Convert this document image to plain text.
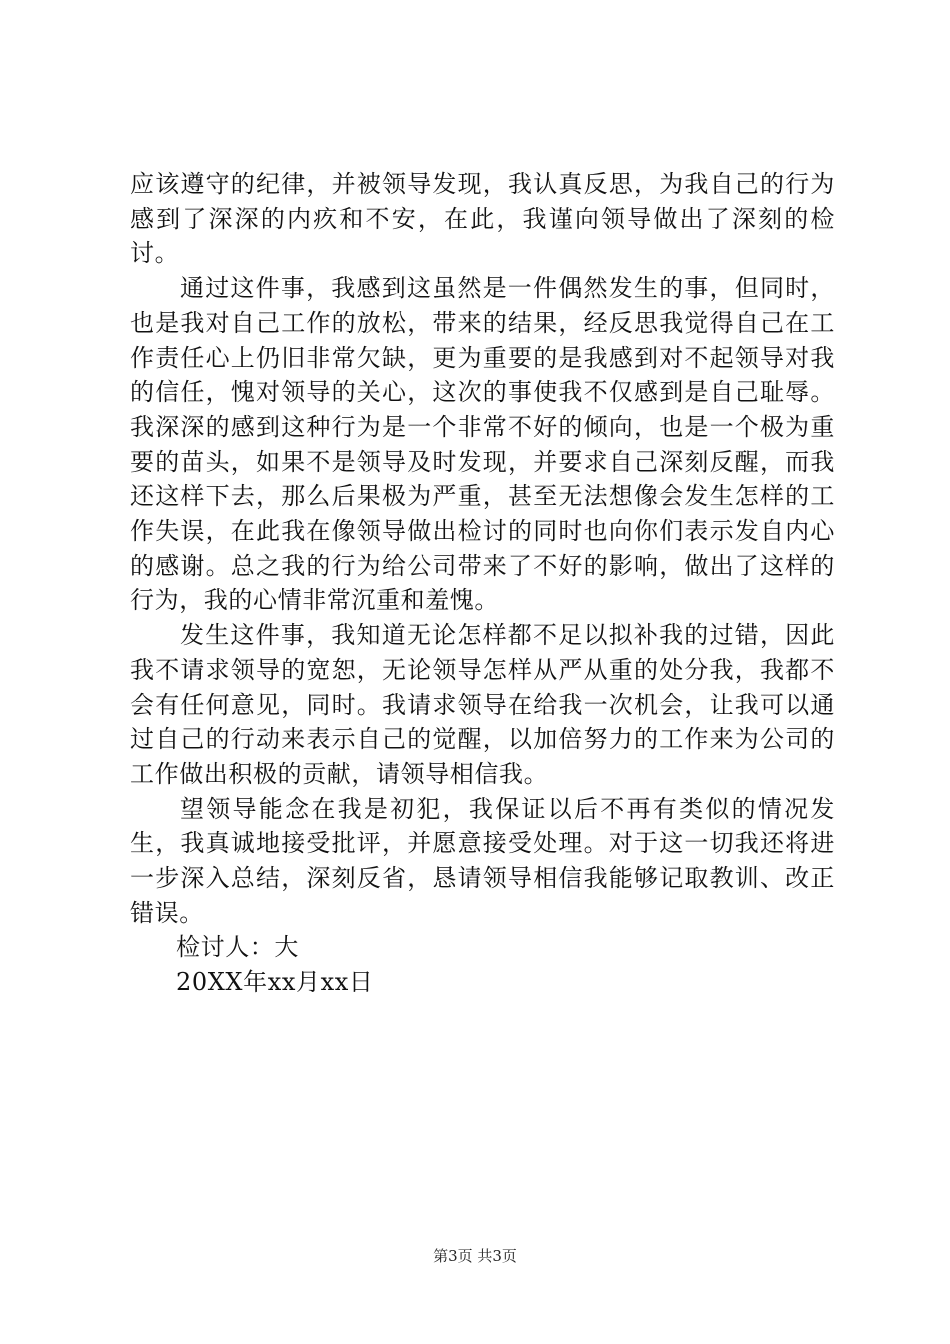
应该遵守的纪律，并被领导发现，我认真反思，为我自己的行为感到了深深的内疚和不安，在此，我谨向领导做出了深刻的检讨。

通过这件事，我感到这虽然是一件偶然发生的事，但同时，也是我对自己工作的放松，带来的结果，经反思我觉得自己在工作责任心上仍旧非常欠缺，更为重要的是我感到对不起领导对我的信任，愧对领导的关心，这次的事使我不仅感到是自己耻辱。我深深的感到这种行为是一个非常不好的倾向，也是一个极为重要的苗头，如果不是领导及时发现，并要求自己深刻反醒，而我还这样下去，那么后果极为严重，甚至无法想像会发生怎样的工作失误，在此我在像领导做出检讨的同时也向你们表示发自内心的感谢。总之我的行为给公司带来了不好的影响，做出了这样的行为，我的心情非常沉重和羞愧。

发生这件事，我知道无论怎样都不足以拟补我的过错，因此我不请求领导的宽恕，无论领导怎样从严从重的处分我，我都不会有任何意见，同时。我请求领导在给我一次机会，让我可以通过自己的行动来表示自己的觉醒，以加倍努力的工作来为公司的工作做出积极的贡献，请领导相信我。

望领导能念在我是初犯，我保证以后不再有类似的情况发生，我真诚地接受批评，并愿意接受处理。对于这一切我还将进一步深入总结，深刻反省，恳请领导相信我能够记取教训、改正错误。

检讨人：大

20XX年xx月xx日

第3页 共3页
